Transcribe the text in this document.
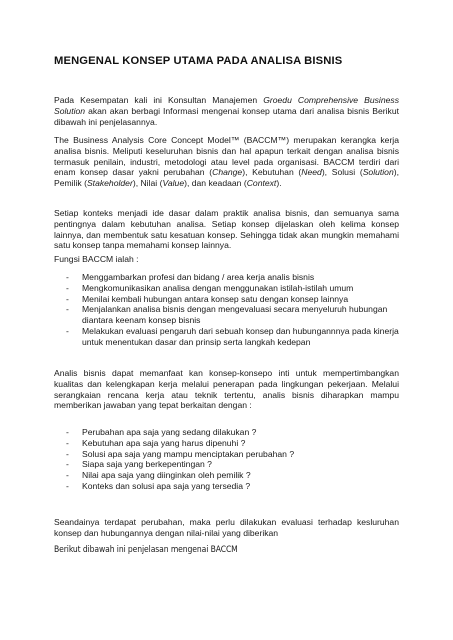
MENGENAL KONSEP UTAMA PADA ANALISA BISNIS

Pada Kesempatan kali ini Konsultan Manajemen Groedu Comprehensive Business Solution akan akan berbagi Informasi mengenai konsep utama dari analisa bisnis Berikut dibawah ini penjelasannya.

The Business Analysis Core Concept Model™ (BACCM™) merupakan kerangka kerja analisa bisnis. Meliputi keseluruhan bisnis dan hal apapun terkait dengan analisa bisnis termasuk penilain, industri, metodologi atau level pada organisasi. BACCM terdiri dari enam konsep dasar yakni perubahan (Change), Kebutuhan (Need), Solusi (Solution), Pemilik (Stakeholder), Nilai (Value), dan keadaan (Context).

Setiap konteks menjadi ide dasar dalam praktik analisa bisnis, dan semuanya sama pentingnya dalam kebutuhan analisa. Setiap konsep dijelaskan oleh kelima konsep lainnya, dan membentuk satu kesatuan konsep. Sehingga tidak akan mungkin memahami satu konsep tanpa memahami konsep lainnya.

Fungsi BACCM ialah :

- Menggambarkan profesi dan bidang / area kerja analis bisnis
- Mengkomunikasikan analisa dengan menggunakan istilah-istilah umum
- Menilai kembali hubungan antara konsep satu dengan konsep lainnya
- Menjalankan analisa bisnis dengan mengevaluasi secara menyeluruh hubungan diantara keenam konsep bisnis
- Melakukan evaluasi pengaruh dari sebuah konsep dan hubungannnya pada kinerja untuk menentukan dasar dan prinsip serta langkah kedepan

Analis bisnis dapat memanfaat kan konsep-konsepo inti untuk mempertimbangkan kualitas dan kelengkapan kerja melalui penerapan pada lingkungan pekerjaan. Melalui serangkaian rencana kerja atau teknik tertentu, analis bisnis diharapkan mampu memberikan jawaban yang tepat berkaitan dengan :

- Perubahan apa saja yang sedang dilakukan ?
- Kebutuhan apa saja yang harus dipenuhi ?
- Solusi apa saja yang mampu menciptakan perubahan ?
- Siapa saja yang berkepentingan ?
- Nilai apa saja yang diinginkan oleh pemilik ?
- Konteks dan solusi apa saja yang tersedia ?

Seandainya terdapat perubahan, maka perlu dilakukan evaluasi terhadap kesluruhan konsep dan hubungannya dengan nilai-nilai yang diberikan

Berikut dibawah ini penjelasan mengenai BACCM
